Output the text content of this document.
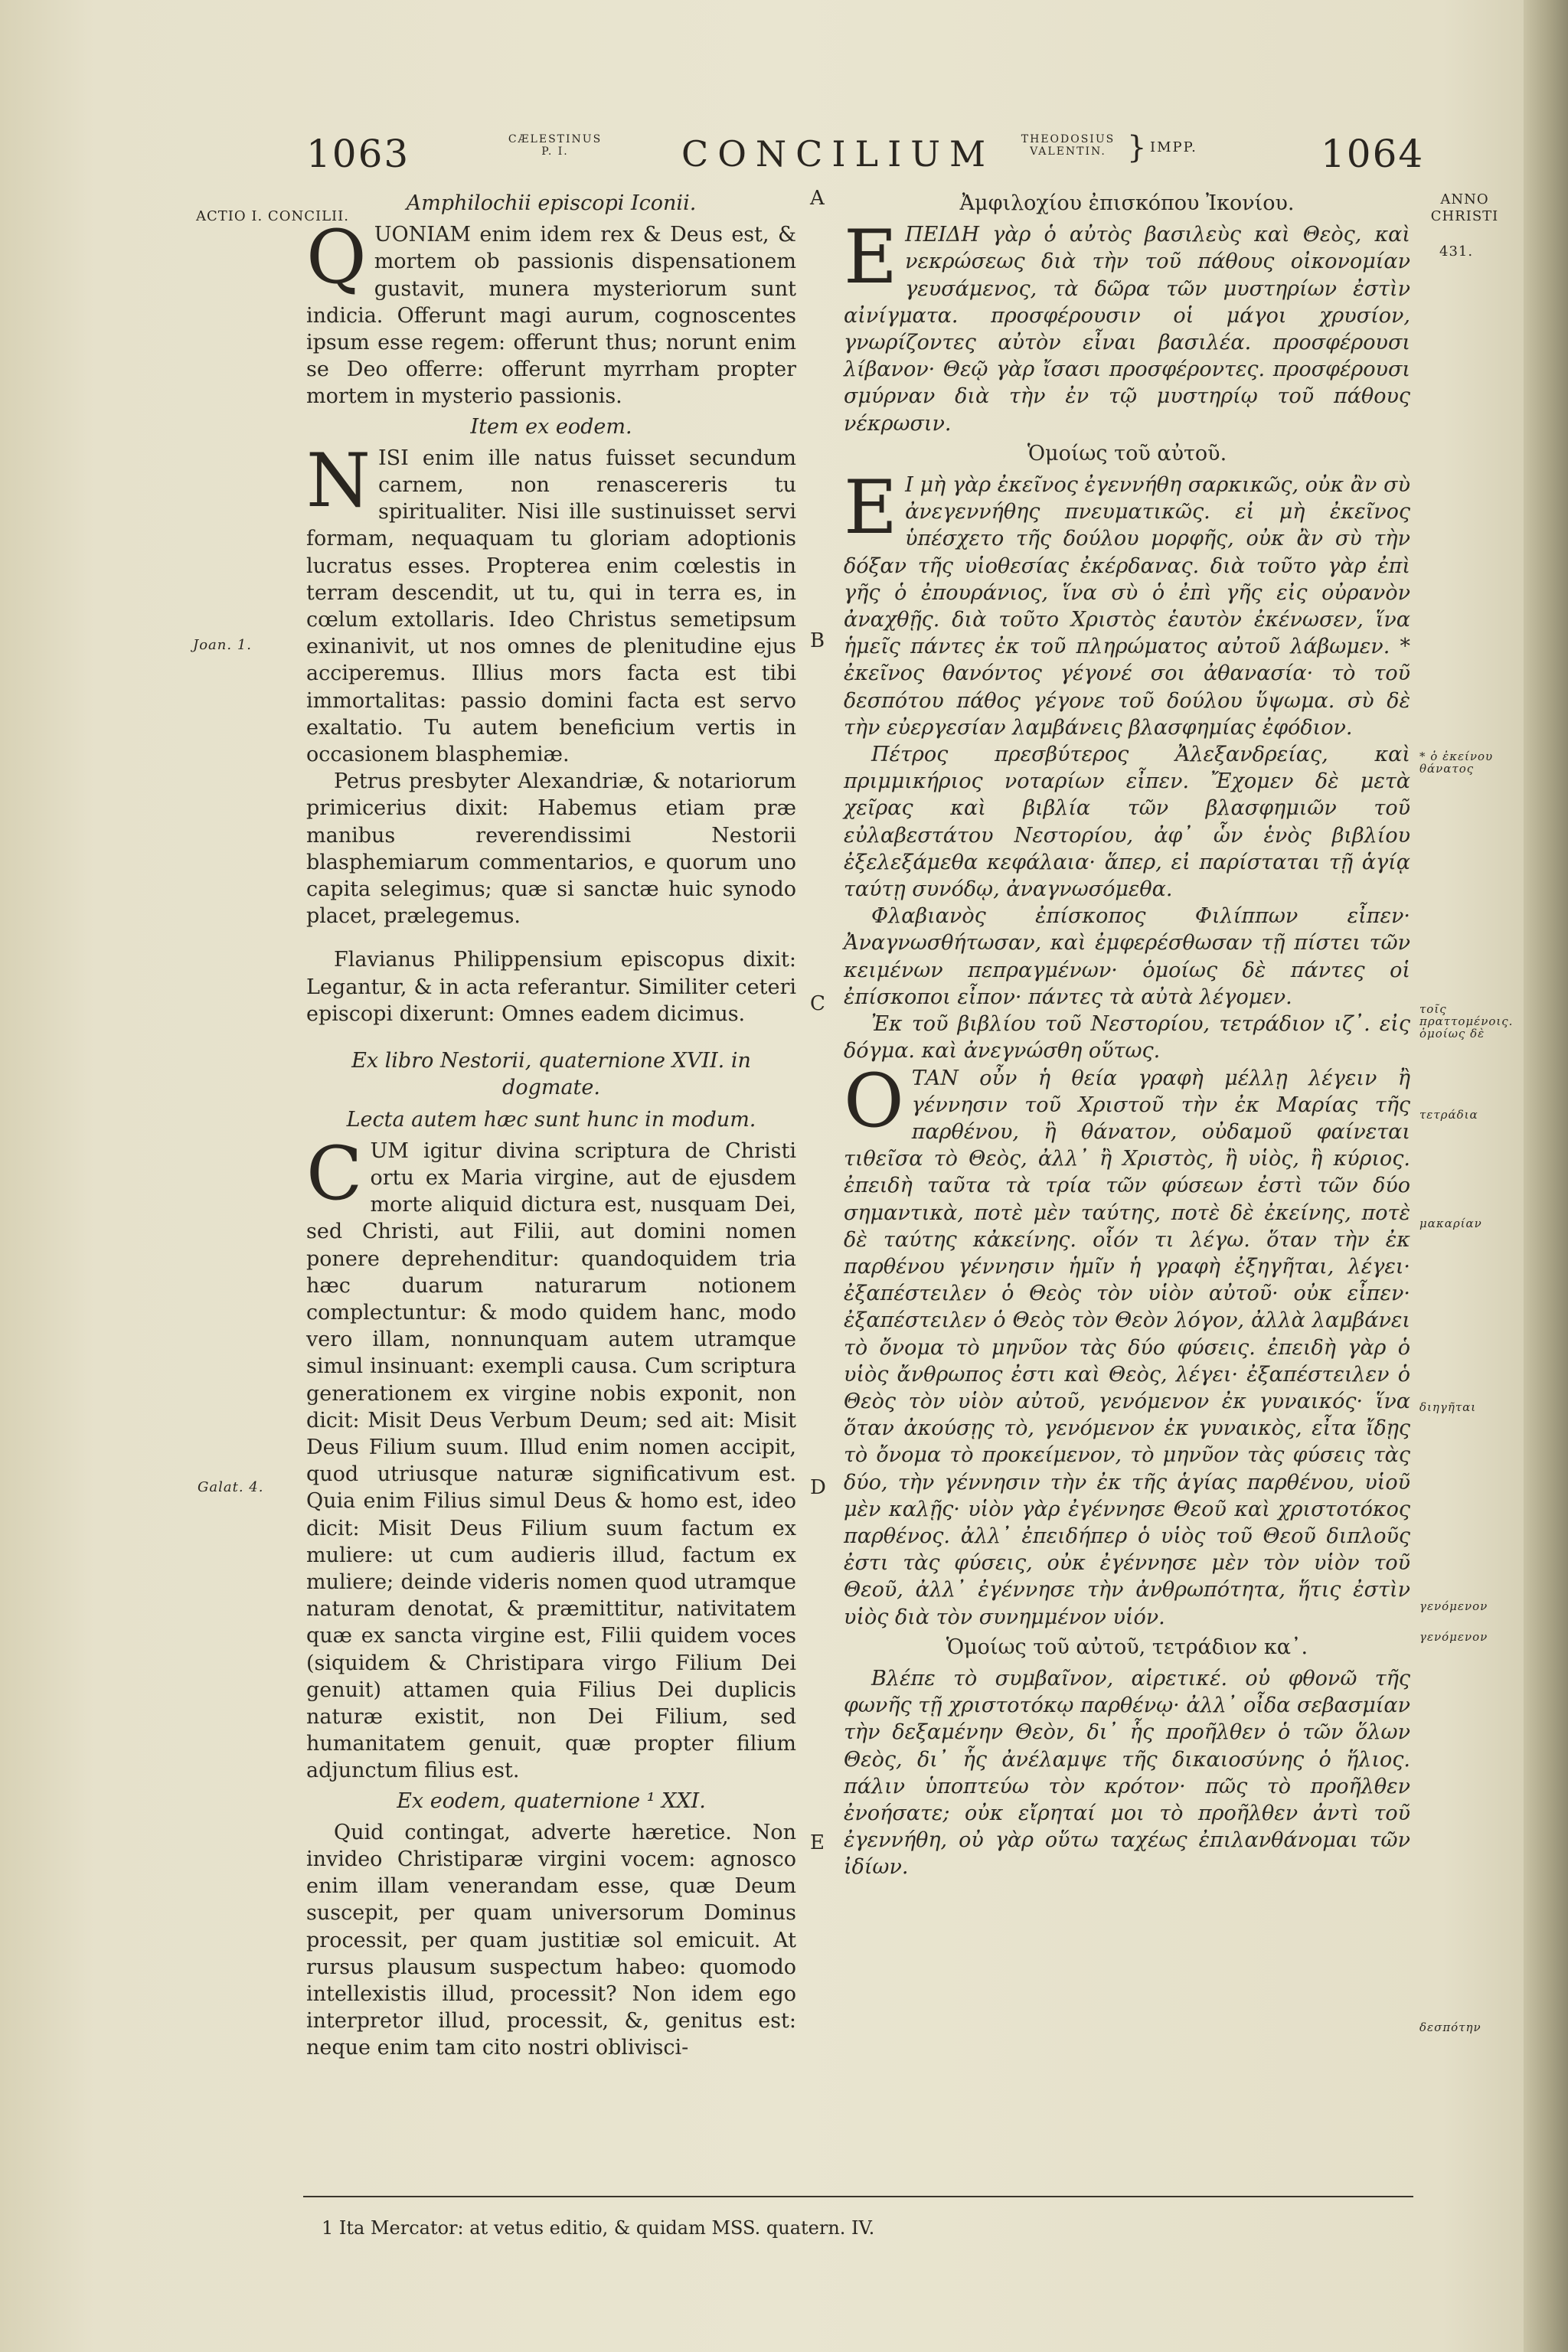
1063	CÆLESTINUS P. I.	CONCILIUM	THEODOSIUS VALENTIN. } IMPP.	1064
ACTIO I. CONCILII.
Joan. 1.
Galat. 4.
ANNO CHRISTI
431.
* ὁ ἐκείνου θάνατος
τοῖς πραττομένοις. ὁμοίως δὲ
τετράδια
μακαρίαν
διηγῆται
γενόμενον
γενόμενον
δεσπότην
A
B
C
D
E

Amphilochii episcopi Iconii.

QUONIAM enim idem rex & Deus est, & mortem ob passionis dispensationem gustavit, munera mysteriorum sunt indicia. Offerunt magi aurum, cognoscentes ipsum esse regem: offerunt thus; norunt enim se Deo offerre: offerunt myrrham propter mortem in mysterio passionis.

Item ex eodem.

NISI enim ille natus fuisset secundum carnem, non renascereris tu spiritualiter. Nisi ille sustinuisset servi formam, nequaquam tu gloriam adoptionis lucratus esses. Propterea enim cœlestis in terram descendit, ut tu, qui in terra es, in cœlum extollaris. Ideo Christus semetipsum exinanivit, ut nos omnes de plenitudine ejus acciperemus. Illius mors facta est tibi immortalitas: passio domini facta est servo exaltatio. Tu autem beneficium vertis in occasionem blasphemiæ.

Petrus presbyter Alexandriæ, & notariorum primicerius dixit: Habemus etiam præ manibus reverendissimi Nestorii blasphemiarum commentarios, e quorum uno capita selegimus; quæ si sanctæ huic synodo placet, prælegemus.

Flavianus Philippensium episcopus dixit: Legantur, & in acta referantur. Similiter ceteri episcopi dixerunt: Omnes eadem dicimus.

Ex libro Nestorii, quaternione XVII. in dogmate.

Lecta autem hæc sunt hunc in modum.

CUM igitur divina scriptura de Christi ortu ex Maria virgine, aut de ejusdem morte aliquid dictura est, nusquam Dei, sed Christi, aut Filii, aut domini nomen ponere deprehenditur: quandoquidem tria hæc duarum naturarum notionem complectuntur: & modo quidem hanc, modo vero illam, nonnunquam autem utramque simul insinuant: exempli causa. Cum scriptura generationem ex virgine nobis exponit, non dicit: Misit Deus Verbum Deum; sed ait: Misit Deus Filium suum. Illud enim nomen accipit, quod utriusque naturæ significativum est. Quia enim Filius simul Deus & homo est, ideo dicit: Misit Deus Filium suum factum ex muliere: ut cum audieris illud, factum ex muliere; deinde videris nomen quod utramque naturam denotat, & præmittitur, nativitatem quæ ex sancta virgine est, Filii quidem voces (siquidem & Christipara virgo Filium Dei genuit) attamen quia Filius Dei duplicis naturæ existit, non Dei Filium, sed humanitatem genuit, quæ propter filium adjunctum filius est.

Ex eodem, quaternione ¹ XXI.

Quid contingat, adverte hæretice. Non invideo Christiparæ virgini vocem: agnosco enim illam venerandam esse, quæ Deum suscepit, per quam universorum Dominus processit, per quam justitiæ sol emicuit. At rursus plausum suspectum habeo: quomodo intellexistis illud, processit? Non idem ego interpretor illud, processit, &, genitus est: neque enim tam cito nostri oblivisci-

Ἀμφιλοχίου ἐπισκόπου Ἰκονίου.

ΕΠΕΙΔΗ γὰρ ὁ αὐτὸς βασιλεὺς καὶ Θεὸς, καὶ νεκρώσεως διὰ τὴν τοῦ πάθους οἰκονομίαν γευσάμενος, τὰ δῶρα τῶν μυστηρίων ἐστὶν αἰνίγματα. προσφέρουσιν οἱ μάγοι χρυσίον, γνωρίζοντες αὐτὸν εἶναι βασιλέα. προσφέρουσι λίβανον· Θεῷ γὰρ ἴσασι προσφέροντες. προσφέρουσι σμύρναν διὰ τὴν ἐν τῷ μυστηρίῳ τοῦ πάθους νέκρωσιν.

Ὁμοίως τοῦ αὐτοῦ.

Ε Ι μὴ γὰρ ἐκεῖνος ἐγεννήθη σαρκικῶς, οὐκ ἂν σὺ ἀνεγεννήθης πνευματικῶς. εἰ μὴ ἐκεῖνος ὑπέσχετο τῆς δούλου μορφῆς, οὐκ ἂν σὺ τὴν δόξαν τῆς υἱοθεσίας ἐκέρδανας. διὰ τοῦτο γὰρ ἐπὶ γῆς ὁ ἐπουράνιος, ἵνα σὺ ὁ ἐπὶ γῆς εἰς οὐρανὸν ἀναχθῇς. διὰ τοῦτο Χριστὸς ἑαυτὸν ἐκένωσεν, ἵνα ἡμεῖς πάντες ἐκ τοῦ πληρώματος αὐτοῦ λάβωμεν. * ἐκεῖνος θανόντος γέγονέ σοι ἀθανασία· τὸ τοῦ δεσπότου πάθος γέγονε τοῦ δούλου ὕψωμα. σὺ δὲ τὴν εὐεργεσίαν λαμβάνεις βλασφημίας ἐφόδιον.

Πέτρος πρεσβύτερος Ἀλεξανδρείας, καὶ πριμμικήριος νοταρίων εἶπεν. Ἔχομεν δὲ μετὰ χεῖρας καὶ βιβλία τῶν βλασφημιῶν τοῦ εὐλαβεστάτου Νεστορίου, ἀφ᾽ ὧν ἑνὸς βιβλίου ἐξελεξάμεθα κεφάλαια· ἅπερ, εἰ παρίσταται τῇ ἁγίᾳ ταύτῃ συνόδῳ, ἀναγνωσόμεθα.

Φλαβιανὸς ἐπίσκοπος Φιλίππων εἶπεν· Ἀναγνωσθήτωσαν, καὶ ἐμφερέσθωσαν τῇ πίστει τῶν κειμένων πεπραγμένων· ὁμοίως δὲ πάντες οἱ ἐπίσκοποι εἶπον· πάντες τὰ αὐτὰ λέγομεν.

Ἐκ τοῦ βιβλίου τοῦ Νεστορίου, τετράδιον ιζ᾽. εἰς δόγμα. καὶ ἀνεγνώσθη οὕτως.

ΟΤΑΝ οὖν ἡ θεία γραφὴ μέλλῃ λέγειν ἢ γέννησιν τοῦ Χριστοῦ τὴν ἐκ Μαρίας τῆς παρθένου, ἢ θάνατον, οὐδαμοῦ φαίνεται τιθεῖσα τὸ Θεὸς, ἀλλ᾽ ἢ Χριστὸς, ἢ υἱὸς, ἢ κύριος. ἐπειδὴ ταῦτα τὰ τρία τῶν φύσεων ἐστὶ τῶν δύο σημαντικὰ, ποτὲ μὲν ταύτης, ποτὲ δὲ ἐκείνης, ποτὲ δὲ ταύτης κἀκείνης. οἷόν τι λέγω. ὅταν τὴν ἐκ παρθένου γέννησιν ἡμῖν ἡ γραφὴ ἐξηγῆται, λέγει· ἐξαπέστειλεν ὁ Θεὸς τὸν υἱὸν αὐτοῦ· οὐκ εἶπεν· ἐξαπέστειλεν ὁ Θεὸς τὸν Θεὸν λόγον, ἀλλὰ λαμβάνει τὸ ὄνομα τὸ μηνῦον τὰς δύο φύσεις. ἐπειδὴ γὰρ ὁ υἱὸς ἄνθρωπος ἐστι καὶ Θεὸς, λέγει· ἐξαπέστειλεν ὁ Θεὸς τὸν υἱὸν αὐτοῦ, γενόμενον ἐκ γυναικός· ἵνα ὅταν ἀκούσῃς τὸ, γενόμενον ἐκ γυναικὸς, εἶτα ἴδῃς τὸ ὄνομα τὸ προκείμενον, τὸ μηνῦον τὰς φύσεις τὰς δύο, τὴν γέννησιν τὴν ἐκ τῆς ἁγίας παρθένου, υἱοῦ μὲν καλῇς· υἱὸν γὰρ ἐγέννησε Θεοῦ καὶ χριστοτόκος παρθένος. ἀλλ᾽ ἐπειδήπερ ὁ υἱὸς τοῦ Θεοῦ διπλοῦς ἐστι τὰς φύσεις, οὐκ ἐγέννησε μὲν τὸν υἱὸν τοῦ Θεοῦ, ἀλλ᾽ ἐγέννησε τὴν ἀνθρωπότητα, ἥτις ἐστὶν υἱὸς διὰ τὸν συνημμένον υἱόν.

Ὁμοίως τοῦ αὐτοῦ, τετράδιον κα᾽.

Βλέπε τὸ συμβαῖνον, αἱρετικέ. οὐ φθονῶ τῆς φωνῆς τῇ χριστοτόκῳ παρθένῳ· ἀλλ᾽ οἶδα σεβασμίαν τὴν δεξαμένην Θεὸν, δι᾽ ἧς προῆλθεν ὁ τῶν ὅλων Θεὸς, δι᾽ ἧς ἀνέλαμψε τῆς δικαιοσύνης ὁ ἥλιος. πάλιν ὑποπτεύω τὸν κρότον· πῶς τὸ προῆλθεν ἐνοήσατε; οὐκ εἴρηταί μοι τὸ προῆλθεν ἀντὶ τοῦ ἐγεννήθη, οὐ γὰρ οὕτω ταχέως ἐπιλανθάνομαι τῶν ἰδίων.

1 Ita Mercator: at vetus editio, & quidam MSS. quatern. IV.
